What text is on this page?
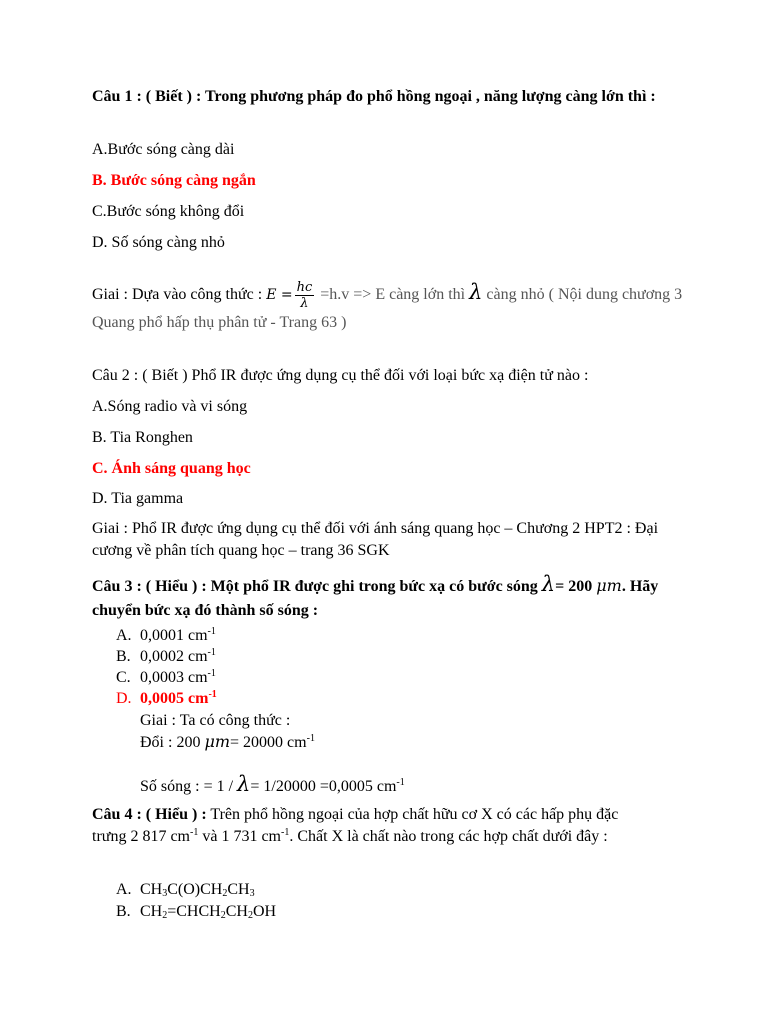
Câu 1 : ( Biết ) : Trong phương pháp đo phổ hồng ngoại , năng lượng càng lớn thì :

A.Bước sóng càng dài

B. Bước sóng càng ngắn

C.Bước sóng không đổi

D. Số sóng càng nhỏ

Giai : Dựa vào công thức : $E = \frac{hc}{\lambda} =h.v => E$ càng lớn thì λ càng nhỏ ( Nội dung chương 3 Quang phổ hấp thụ phân tử - Trang 63 )

Câu 2 : ( Biết ) Phổ IR được ứng dụng cụ thể đối với loại bức xạ điện tử nào :

A.Sóng radio và vi sóng

B. Tia Ronghen

C. Ánh sáng quang học

D. Tia gamma

Giai : Phổ IR được ứng dụng cụ thể đối với ánh sáng quang học – Chương 2 HPT2 : Đại cương về phân tích quang học – trang 36 SGK

Câu 3 : ( Hiểu ) : Một phổ IR được ghi trong bức xạ có bước sóng λ= 200 μm. Hãy chuyển bức xạ đó thành số sóng :

A. 0,0001 $cm^{-1}$
B. 0,0002 $cm^{-1}$
C. 0,0003 $cm^{-1}$
D. 0,0005 $cm^{-1}$
Giai : Ta có công thức :
Đổi : 200 μm= 20000 $cm^{-1}$
Số sóng : = 1 / λ= 1/20000 =0,0005 $cm^{-1}$

Câu 4 : ( Hiểu ) : Trên phổ hồng ngoại của hợp chất hữu cơ X có các hấp phụ đặc trưng 2 817 $cm^{-1}$ và 1 731 $cm^{-1}$. Chất X là chất nào trong các hợp chất dưới đây :

A. $CH_3C(O)CH_2CH_3$
B. $CH_2=CHCH_2CH_2OH$
